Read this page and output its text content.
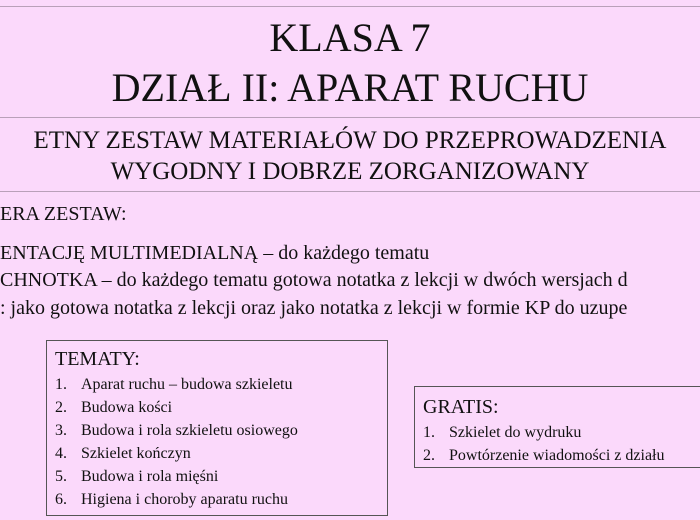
KLASA 7
DZIAŁ II: APARAT RUCHU
ETNY ZESTAW MATERIAŁÓW DO PRZEPROWADZENIA
WYGODNY I DOBRZE ZORGANIZOWANY
ERA ZESTAW:
ENTACJĘ MULTIMEDIALNĄ – do każdego tematu
CHNOTKA – do każdego tematu gotowa notatka z lekcji w dwóch wersjach d
: jako gotowa notatka z lekcji oraz jako notatka z lekcji w formie KP do uzupe
TEMATY:
1. Aparat ruchu – budowa szkieletu
2. Budowa kości
3. Budowa i rola szkieletu osiowego
4. Szkielet kończyn
5. Budowa i rola mięśni
6. Higiena i choroby aparatu ruchu
GRATIS:
1. Szkielet do wydruku
2. Powtórzenie wiadomości z działu
